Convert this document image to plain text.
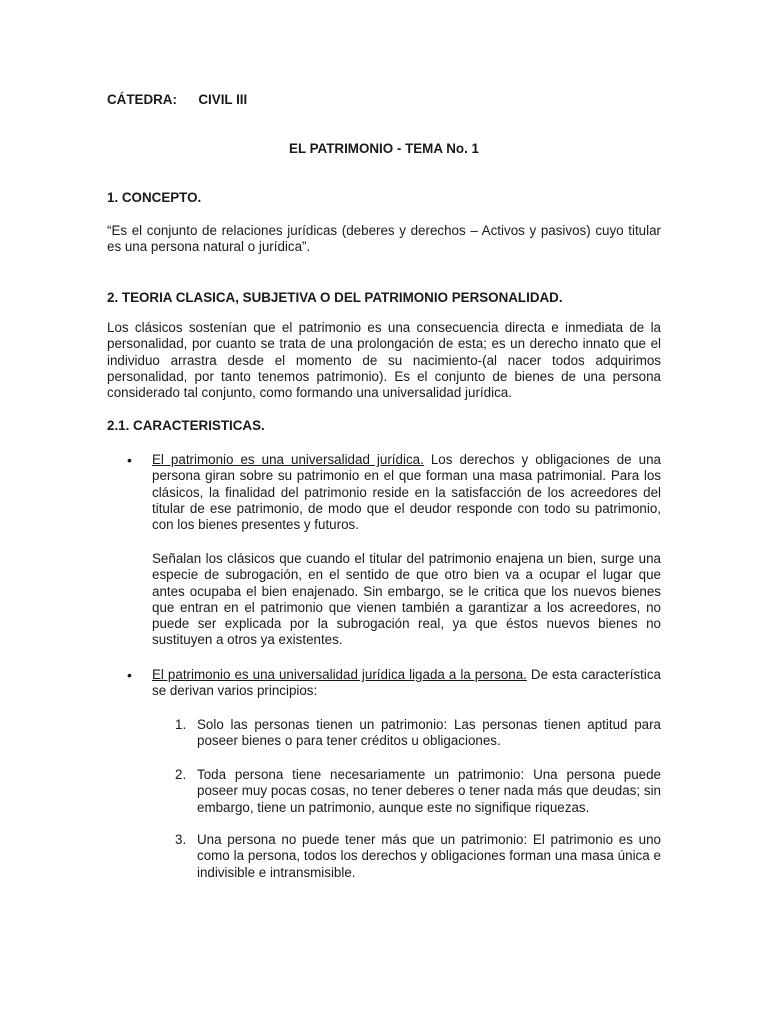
CÁTEDRA: CIVIL III
EL PATRIMONIO - TEMA No. 1
1. CONCEPTO.
“Es el conjunto de relaciones jurídicas (deberes y derechos – Activos y pasivos) cuyo titular es una persona natural o jurídica”.
2. TEORIA CLASICA, SUBJETIVA O DEL PATRIMONIO PERSONALIDAD.
Los clásicos sostenían que el patrimonio es una consecuencia directa e inmediata de la personalidad, por cuanto se trata de una prolongación de esta; es un derecho innato que el individuo arrastra desde el momento de su nacimiento-(al nacer todos adquirimos personalidad, por tanto tenemos patrimonio). Es el conjunto de bienes de una persona considerado tal conjunto, como formando una universalidad jurídica.
2.1. CARACTERISTICAS.
• El patrimonio es una universalidad jurídica. Los derechos y obligaciones de una persona giran sobre su patrimonio en el que forman una masa patrimonial. Para los clásicos, la finalidad del patrimonio reside en la satisfacción de los acreedores del titular de ese patrimonio, de modo que el deudor responde con todo su patrimonio, con los bienes presentes y futuros.
Señalan los clásicos que cuando el titular del patrimonio enajena un bien, surge una especie de subrogación, en el sentido de que otro bien va a ocupar el lugar que antes ocupaba el bien enajenado. Sin embargo, se le critica que los nuevos bienes que entran en el patrimonio que vienen también a garantizar a los acreedores, no puede ser explicada por la subrogación real, ya que éstos nuevos bienes no sustituyen a otros ya existentes.
• El patrimonio es una universalidad jurídica ligada a la persona. De esta característica se derivan varios principios:
1. Solo las personas tienen un patrimonio: Las personas tienen aptitud para poseer bienes o para tener créditos u obligaciones.
2. Toda persona tiene necesariamente un patrimonio: Una persona puede poseer muy pocas cosas, no tener deberes o tener nada más que deudas; sin embargo, tiene un patrimonio, aunque este no signifique riquezas.
3. Una persona no puede tener más que un patrimonio: El patrimonio es uno como la persona, todos los derechos y obligaciones forman una masa única e indivisible e intransmisible.
